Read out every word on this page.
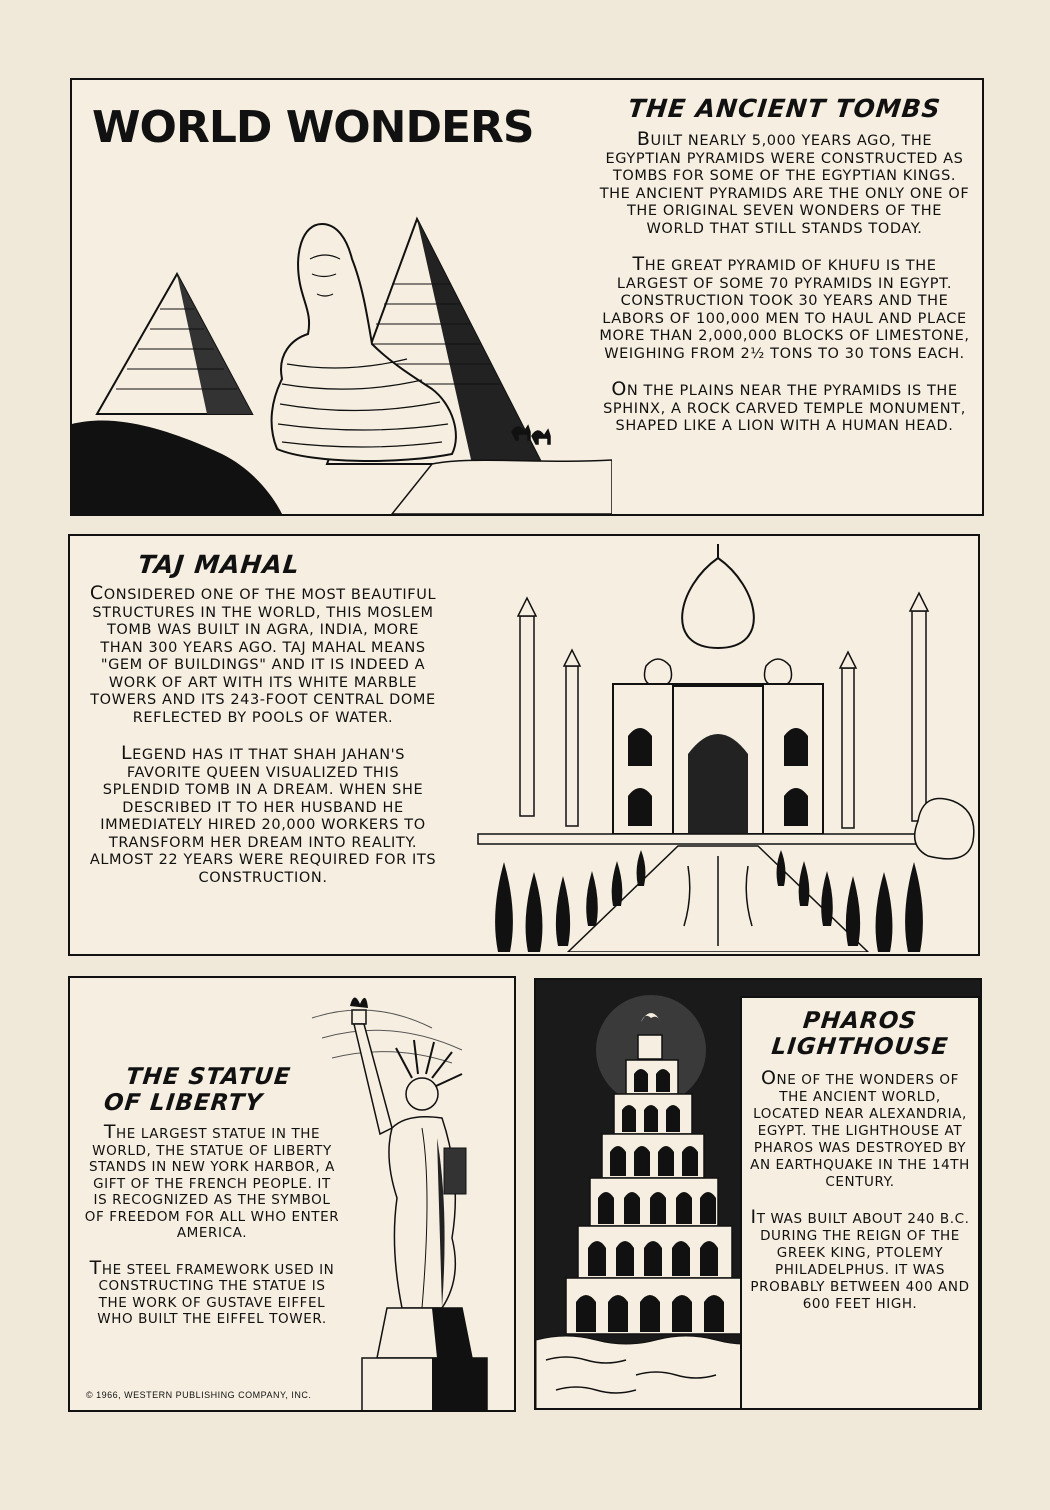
WORLD WONDERS	THE ANCIENT TOMBS

BUILT NEARLY 5,000 YEARS AGO, THE EGYPTIAN PYRAMIDS WERE CONSTRUCTED AS TOMBS FOR SOME OF THE EGYPTIAN KINGS. THE ANCIENT PYRAMIDS ARE THE ONLY ONE OF THE ORIGINAL SEVEN WONDERS OF THE WORLD THAT STILL STANDS TODAY.

THE GREAT PYRAMID OF KHUFU IS THE LARGEST OF SOME 70 PYRAMIDS IN EGYPT. CONSTRUCTION TOOK 30 YEARS AND THE LABORS OF 100,000 MEN TO HAUL AND PLACE MORE THAN 2,000,000 BLOCKS OF LIMESTONE, WEIGHING FROM 2½ TONS TO 30 TONS EACH.

ON THE PLAINS NEAR THE PYRAMIDS IS THE SPHINX, A ROCK CARVED TEMPLE MONUMENT, SHAPED LIKE A LION WITH A HUMAN HEAD.

TAJ MAHAL

CONSIDERED ONE OF THE MOST BEAUTIFUL STRUCTURES IN THE WORLD, THIS MOSLEM TOMB WAS BUILT IN AGRA, INDIA, MORE THAN 300 YEARS AGO. TAJ MAHAL MEANS "GEM OF BUILDINGS" AND IT IS INDEED A WORK OF ART WITH ITS WHITE MARBLE TOWERS AND ITS 243-FOOT CENTRAL DOME REFLECTED BY POOLS OF WATER.

LEGEND HAS IT THAT SHAH JAHAN'S FAVORITE QUEEN VISUALIZED THIS SPLENDID TOMB IN A DREAM. WHEN SHE DESCRIBED IT TO HER HUSBAND HE IMMEDIATELY HIRED 20,000 WORKERS TO TRANSFORM HER DREAM INTO REALITY. ALMOST 22 YEARS WERE REQUIRED FOR ITS CONSTRUCTION.

THE STATUE
OF LIBERTY

THE LARGEST STATUE IN THE WORLD, THE STATUE OF LIBERTY STANDS IN NEW YORK HARBOR, A GIFT OF THE FRENCH PEOPLE. IT IS RECOGNIZED AS THE SYMBOL OF FREEDOM FOR ALL WHO ENTER AMERICA.

THE STEEL FRAMEWORK USED IN CONSTRUCTING THE STATUE IS THE WORK OF GUSTAVE EIFFEL WHO BUILT THE EIFFEL TOWER.

© 1966, WESTERN PUBLISHING COMPANY, INC.
PHAROS
LIGHTHOUSE

ONE OF THE WONDERS OF THE ANCIENT WORLD, LOCATED NEAR ALEXANDRIA, EGYPT. THE LIGHTHOUSE AT PHAROS WAS DESTROYED BY AN EARTHQUAKE IN THE 14TH CENTURY.

IT WAS BUILT ABOUT 240 B.C. DURING THE REIGN OF THE GREEK KING, PTOLEMY PHILADELPHUS. IT WAS PROBABLY BETWEEN 400 AND 600 FEET HIGH.
